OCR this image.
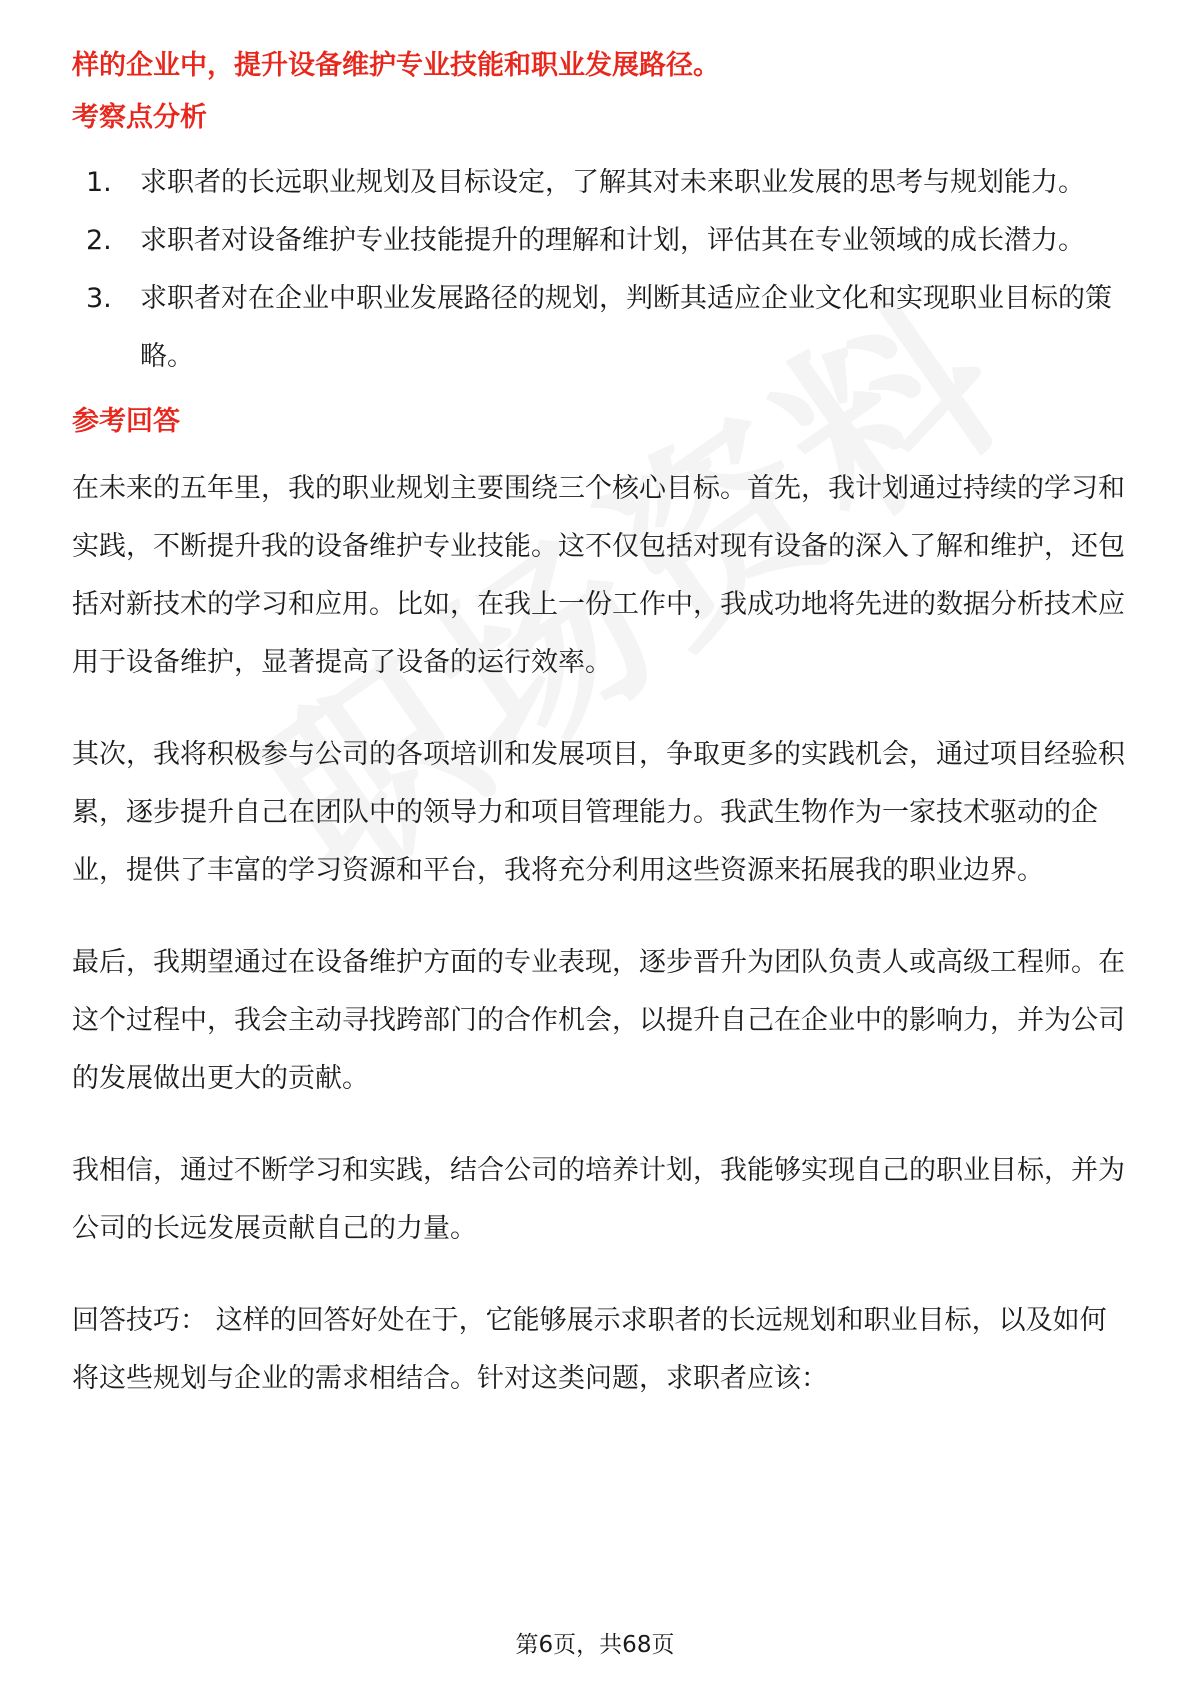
样的企业中，提升设备维护专业技能和职业发展路径。

考察点分析

1.	求职者的长远职业规划及目标设定，了解其对未来职业发展的思考与规划能力。
2.	求职者对设备维护专业技能提升的理解和计划，评估其在专业领域的成长潜力。
3.	求职者对在企业中职业发展路径的规划，判断其适应企业文化和实现职业目标的策略。

参考回答

在未来的五年里，我的职业规划主要围绕三个核心目标。首先，我计划通过持续的学习和实践，不断提升我的设备维护专业技能。这不仅包括对现有设备的深入了解和维护，还包括对新技术的学习和应用。比如，在我上一份工作中，我成功地将先进的数据分析技术应用于设备维护，显著提高了设备的运行效率。

其次，我将积极参与公司的各项培训和发展项目，争取更多的实践机会，通过项目经验积累，逐步提升自己在团队中的领导力和项目管理能力。我武生物作为一家技术驱动的企业，提供了丰富的学习资源和平台，我将充分利用这些资源来拓展我的职业边界。

最后，我期望通过在设备维护方面的专业表现，逐步晋升为团队负责人或高级工程师。在这个过程中，我会主动寻找跨部门的合作机会，以提升自己在企业中的影响力，并为公司的发展做出更大的贡献。

我相信，通过不断学习和实践，结合公司的培养计划，我能够实现自己的职业目标，并为公司的长远发展贡献自己的力量。

回答技巧： 这样的回答好处在于，它能够展示求职者的长远规划和职业目标，以及如何将这些规划与企业的需求相结合。针对这类问题，求职者应该：

第6页，共68页
